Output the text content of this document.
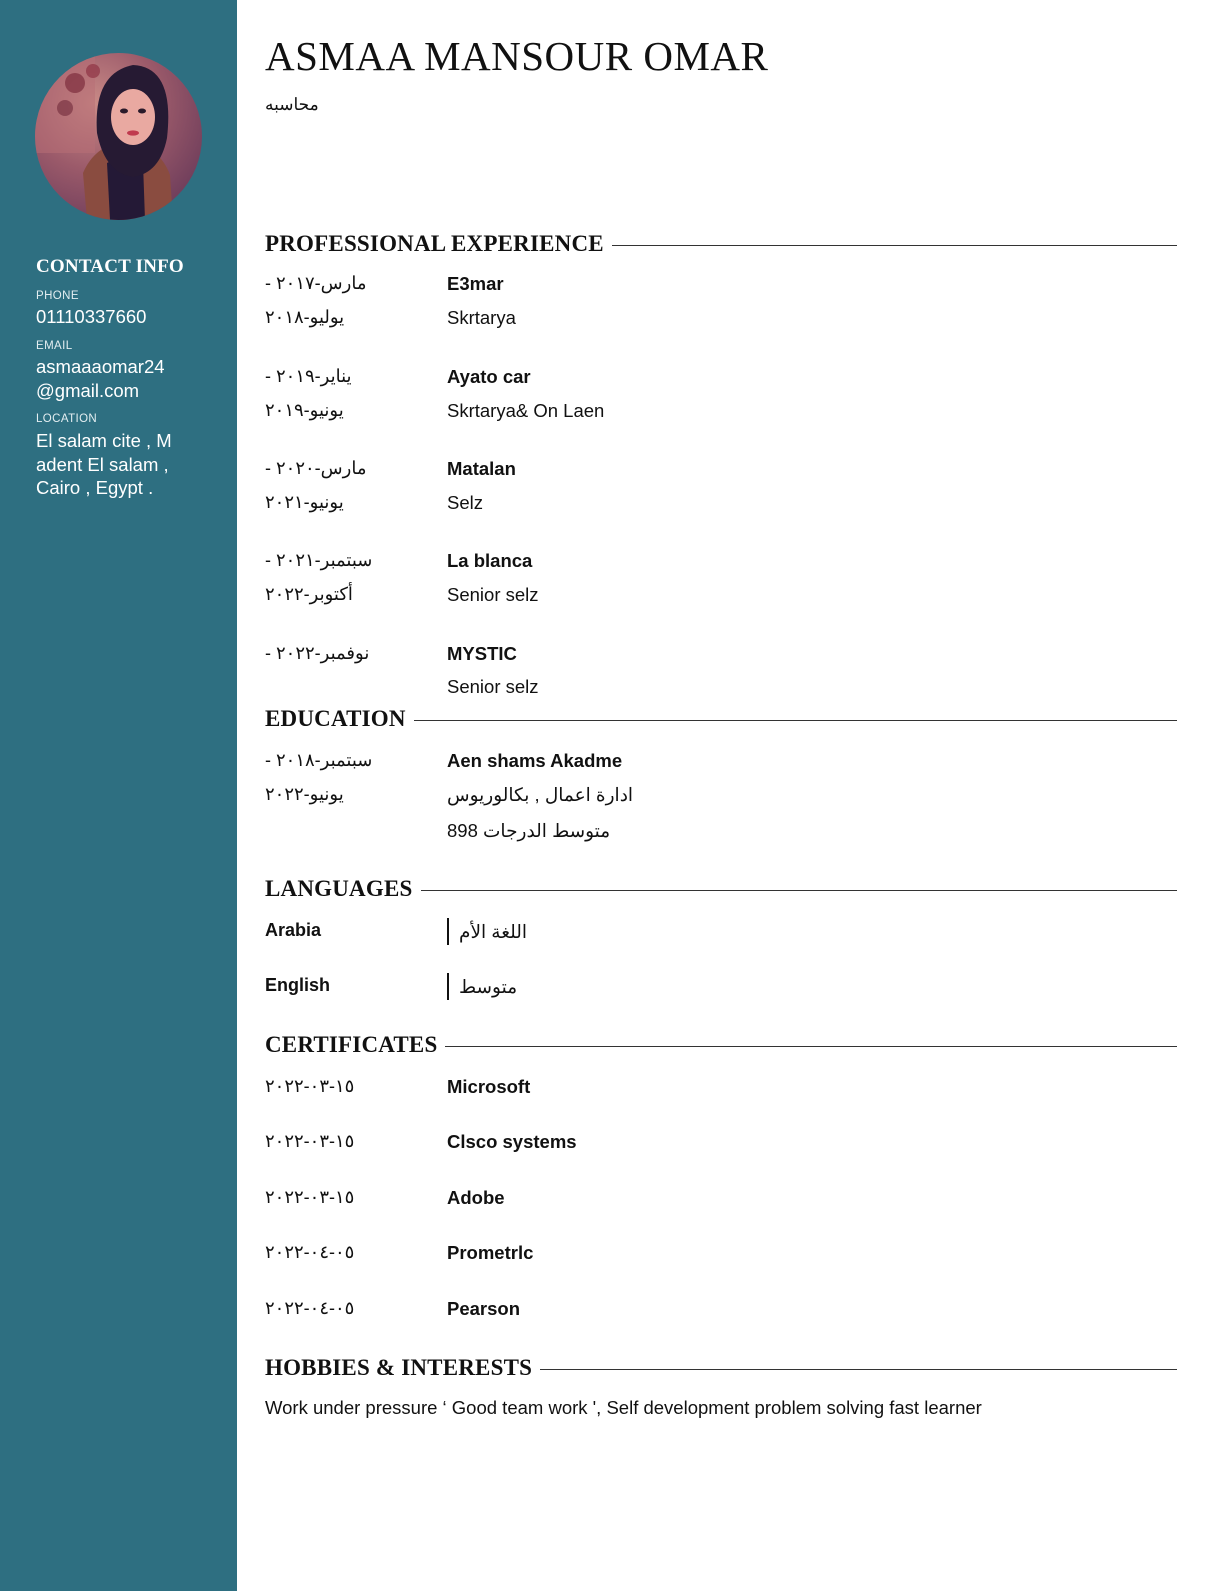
CONTACT INFO
PHONE
01110337660
EMAIL
asmaaaomar24
@gmail.com
LOCATION
El salam cite , M
adent El salam ,
Cairo , Egypt .
ASMAA MANSOUR OMAR
محاسبه
PROFESSIONAL EXPERIENCE
مارس-٢٠١٧ -	E3mar
يوليو-٢٠١٨	Skrtarya
يناير-٢٠١٩ -	Ayato car
يونيو-٢٠١٩	Skrtarya& On Laen
مارس-٢٠٢٠ -	Matalan
يونيو-٢٠٢١	Selz
سبتمبر-٢٠٢١ -	La blanca
أكتوبر-٢٠٢٢	Senior selz
نوفمبر-٢٠٢٢ -	MYSTIC
Senior selz
EDUCATION
سبتمبر-٢٠١٨ -	Aen shams Akadme
يونيو-٢٠٢٢	ادارة اعمال , بكالوريوس
متوسط الدرجات 898
LANGUAGES
Arabia	اللغة الأم
English	متوسط
CERTIFICATES
١٥-٠٣-٢٠٢٢	Microsoft
١٥-٠٣-٢٠٢٢	Clsco systems
١٥-٠٣-٢٠٢٢	Adobe
٠٥-٠٤-٢٠٢٢	Prometrlc
٠٥-٠٤-٢٠٢٢	Pearson
HOBBIES & INTERESTS
Work under pressure ‘ Good team work ', Self development problem solving fast learner
